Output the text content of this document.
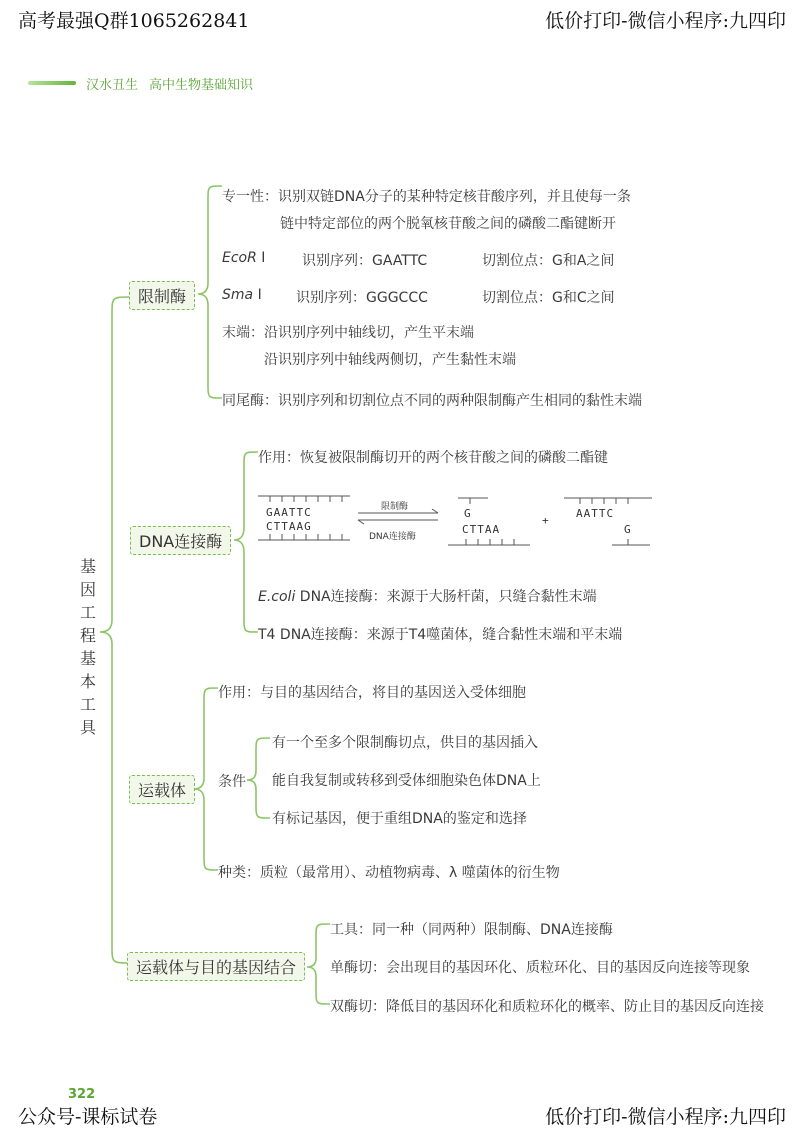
高考最强Q群1065262841	低价打印-微信小程序:九四印
汉水丑生 高中生物基础知识
基
因
工
程
基
本
工
具
限制酶
专一性：识别双链DNA分子的某种特定核苷酸序列，并且使每一条
链中特定部位的两个脱氧核苷酸之间的磷酸二酯键断开
EcoR I	识别序列：GAATTC	切割位点：G和A之间
Sma I 识别序列：GGGCCC	切割位点：G和C之间
末端：沿识别序列中轴线切，产生平末端
沿识别序列中轴线两侧切，产生黏性末端
同尾酶：识别序列和切割位点不同的两种限制酶产生相同的黏性末端
DNA连接酶
作用：恢复被限制酶切开的两个核苷酸之间的磷酸二酯键
GAATTC
CTTAAG
限制酶
DNA连接酶
G
CTTAA
+
AATTC
G
E.coli DNA连接酶：来源于大肠杆菌，只缝合黏性末端
T4 DNA连接酶：来源于T4噬菌体，缝合黏性末端和平末端
运载体
作用：与目的基因结合，将目的基因送入受体细胞
条件
有一个至多个限制酶切点，供目的基因插入
能自我复制或转移到受体细胞染色体DNA上
有标记基因，便于重组DNA的鉴定和选择
种类：质粒（最常用）、动植物病毒、λ 噬菌体的衍生物
运载体与目的基因结合
工具：同一种（同两种）限制酶、DNA连接酶
单酶切：会出现目的基因环化、质粒环化、目的基因反向连接等现象
双酶切：降低目的基因环化和质粒环化的概率、防止目的基因反向连接
322
公众号-课标试卷	低价打印-微信小程序:九四印
